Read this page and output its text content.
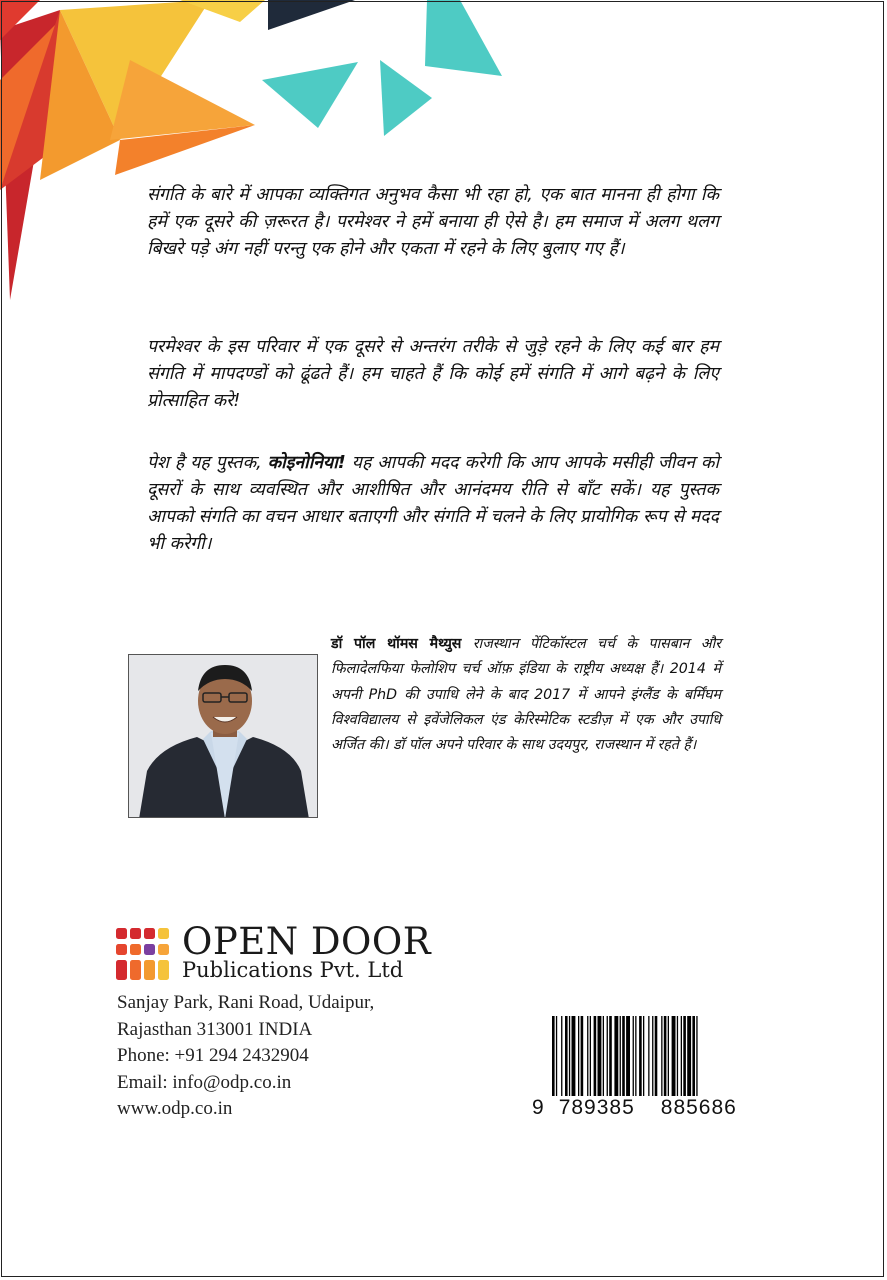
संगति के बारे में आपका व्यक्तिगत अनुभव कैसा भी रहा हो, एक बात मानना ही होगा कि हमें एक दूसरे की ज़रूरत है। परमेश्वर ने हमें बनाया ही ऐसे है। हम समाज में अलग थलग बिखरे पड़े अंग नहीं परन्तु एक होने और एकता में रहने के लिए बुलाए गए हैं।

परमेश्वर के इस परिवार में एक दूसरे से अन्तरंग तरीके से जुड़े रहने के लिए कई बार हम संगति में मापदण्डों को ढूंढते हैं। हम चाहते हैं कि कोई हमें संगति में आगे बढ़ने के लिए प्रोत्साहित करे!

पेश है यह पुस्तक, कोइनोनिया! यह आपकी मदद करेगी कि आप आपके मसीही जीवन को दूसरों के साथ व्यवस्थित और आशीषित और आनंदमय रीति से बाँट सकें। यह पुस्तक आपको संगति का वचन आधार बताएगी और संगति में चलने के लिए प्रायोगिक रूप से मदद भी करेगी।

डॉ पॉल थॉमस मैथ्युस राजस्थान पेंटिकॉस्टल चर्च के पासबान और फिलादेलफिया फेलोशिप चर्च ऑफ़ इंडिया के राष्ट्रीय अध्यक्ष हैं। 2014 में अपनी PhD की उपाधि लेने के बाद 2017 में आपने इंग्लैंड के बर्मिंघम विश्वविद्यालय से इवेंजेलिकल एंड केरिस्मेटिक स्टडीज़ में एक और उपाधि अर्जित की। डॉ पॉल अपने परिवार के साथ उदयपुर, राजस्थान में रहते हैं।

OPEN DOOR
Publications Pvt. Ltd
Sanjay Park, Rani Road, Udaipur,
Rajasthan 313001 INDIA
Phone: +91 294 2432904
Email: info@odp.co.in
www.odp.co.in	9 789385 885686
